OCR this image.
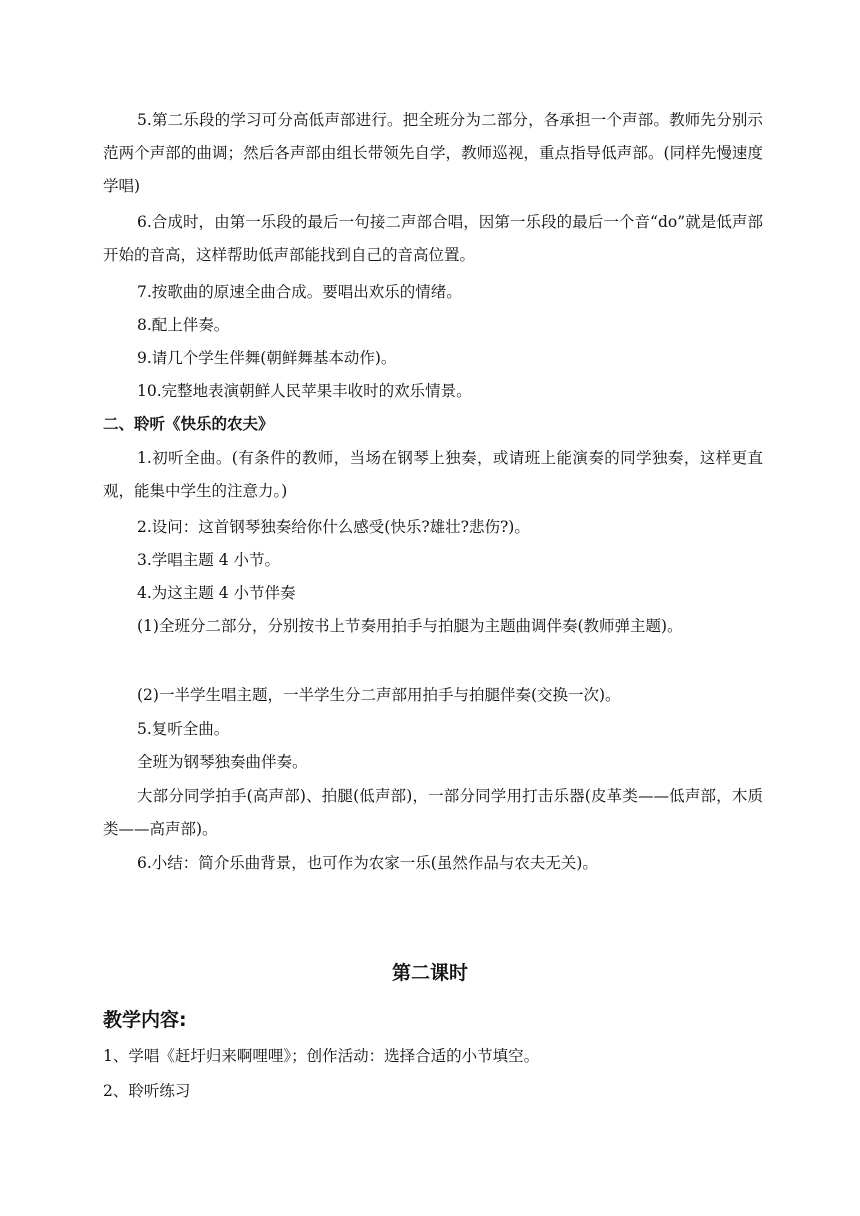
5.第二乐段的学习可分高低声部进行。把全班分为二部分，各承担一个声部。教师先分别示范两个声部的曲调；然后各声部由组长带领先自学，教师巡视，重点指导低声部。(同样先慢速度学唱)
6.合成时，由第一乐段的最后一句接二声部合唱，因第一乐段的最后一个音“do”就是低声部开始的音高，这样帮助低声部能找到自己的音高位置。
7.按歌曲的原速全曲合成。要唱出欢乐的情绪。
8.配上伴奏。
9.请几个学生伴舞(朝鲜舞基本动作)。
10.完整地表演朝鲜人民苹果丰收时的欢乐情景。
二、聆听《快乐的农夫》
1.初听全曲。(有条件的教师，当场在钢琴上独奏，或请班上能演奏的同学独奏，这样更直观，能集中学生的注意力。)
2.设问：这首钢琴独奏给你什么感受(快乐?雄壮?悲伤?)。
3.学唱主题 4 小节。
4.为这主题 4 小节伴奏
(1)全班分二部分，分别按书上节奏用拍手与拍腿为主题曲调伴奏(教师弹主题)。
(2)一半学生唱主题，一半学生分二声部用拍手与拍腿伴奏(交换一次)。
5.复听全曲。
全班为钢琴独奏曲伴奏。
大部分同学拍手(高声部)、拍腿(低声部)，一部分同学用打击乐器(皮革类——低声部，木质类——高声部)。
6.小结：简介乐曲背景，也可作为农家一乐(虽然作品与农夫无关)。
第二课时
教学内容:
1、学唱《赶圩归来啊哩哩》；创作活动：选择合适的小节填空。
2、聆听练习
